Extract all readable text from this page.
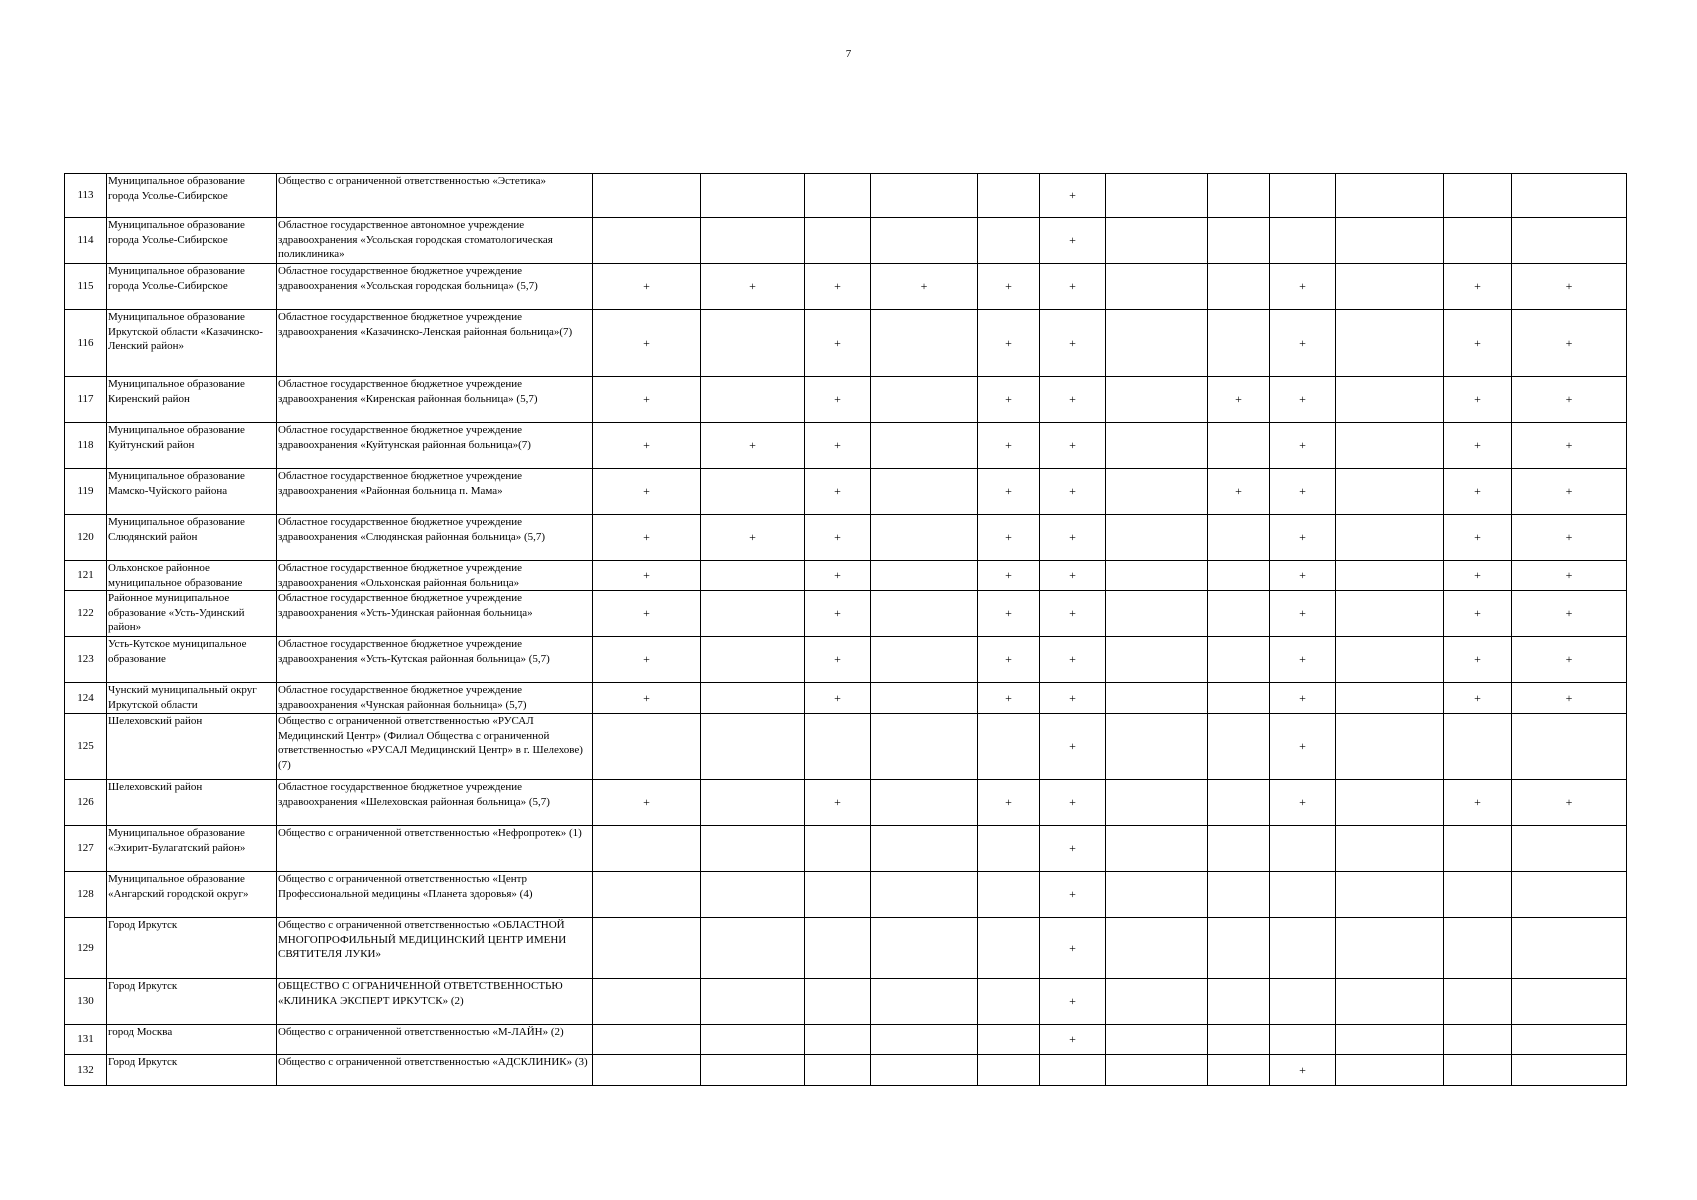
7
113	Муниципальное образование города Усолье-Сибирское	Общество с ограниченной ответственностью «Эстетика»						+						
114	Муниципальное образование города Усолье-Сибирское	Областное государственное автономное учреждение здравоохранения «Усольская городская стоматологическая поликлиника»						+						
115	Муниципальное образование города Усолье-Сибирское	Областное государственное бюджетное учреждение здравоохранения «Усольская городская больница» (5,7)	+	+	+	+	+	+			+		+	+
116	Муниципальное образование Иркутской области «Казачинско-Ленский район»	Областное государственное бюджетное учреждение здравоохранения «Казачинско-Ленская районная больница»(7)	+		+		+	+			+		+	+
117	Муниципальное образование Киренский район	Областное государственное бюджетное учреждение здравоохранения «Киренская районная больница» (5,7)	+		+		+	+		+	+		+	+
118	Муниципальное образование Куйтунский район	Областное государственное бюджетное учреждение здравоохранения «Куйтунская районная больница»(7)	+	+	+		+	+			+		+	+
119	Муниципальное образование Мамско-Чуйского района	Областное государственное бюджетное учреждение здравоохранения «Районная больница п. Мама»	+		+		+	+		+	+		+	+
120	Муниципальное образование Слюдянский район	Областное государственное бюджетное учреждение здравоохранения «Слюдянская районная больница» (5,7)	+	+	+		+	+			+		+	+
121	Ольхонское районное муниципальное образование	Областное государственное бюджетное учреждение здравоохранения «Ольхонская районная больница»	+		+		+	+			+		+	+
122	Районное муниципальное образование «Усть-Удинский район»	Областное государственное бюджетное учреждение здравоохранения «Усть-Удинская районная больница»	+		+		+	+			+		+	+
123	Усть-Кутское муниципальное образование	Областное государственное бюджетное учреждение здравоохранения «Усть-Кутская районная больница» (5,7)	+		+		+	+			+		+	+
124	Чунский муниципальный округ Иркутской области	Областное государственное бюджетное учреждение здравоохранения «Чунская районная больница» (5,7)	+		+		+	+			+		+	+
125	Шелеховский район	Общество с ограниченной ответственностью «РУСАЛ Медицинский Центр» (Филиал Общества с ограниченной ответственностью «РУСАЛ Медицинский Центр» в г. Шелехове) (7)						+			+			
126	Шелеховский район	Областное государственное бюджетное учреждение здравоохранения «Шелеховская районная больница» (5,7)	+		+		+	+			+		+	+
127	Муниципальное образование «Эхирит-Булагатский район»	Общество с ограниченной ответственностью «Нефропротек» (1)						+						
128	Муниципальное образование «Ангарский городской округ»	Общество с ограниченной ответственностью «Центр Профессиональной медицины «Планета здоровья» (4)						+						
129	Город Иркутск	Общество с ограниченной ответственностью «ОБЛАСТНОЙ МНОГОПРОФИЛЬНЫЙ МЕДИЦИНСКИЙ ЦЕНТР ИМЕНИ СВЯТИТЕЛЯ ЛУКИ»						+						
130	Город Иркутск	ОБЩЕСТВО С ОГРАНИЧЕННОЙ ОТВЕТСТВЕННОСТЬЮ «КЛИНИКА ЭКСПЕРТ ИРКУТСК» (2)						+						
131	город Москва	Общество с ограниченной ответственностью «М-ЛАЙН» (2)						+						
132	Город Иркутск	Общество с ограниченной ответственностью «АДСКЛИНИК» (3)									+			
